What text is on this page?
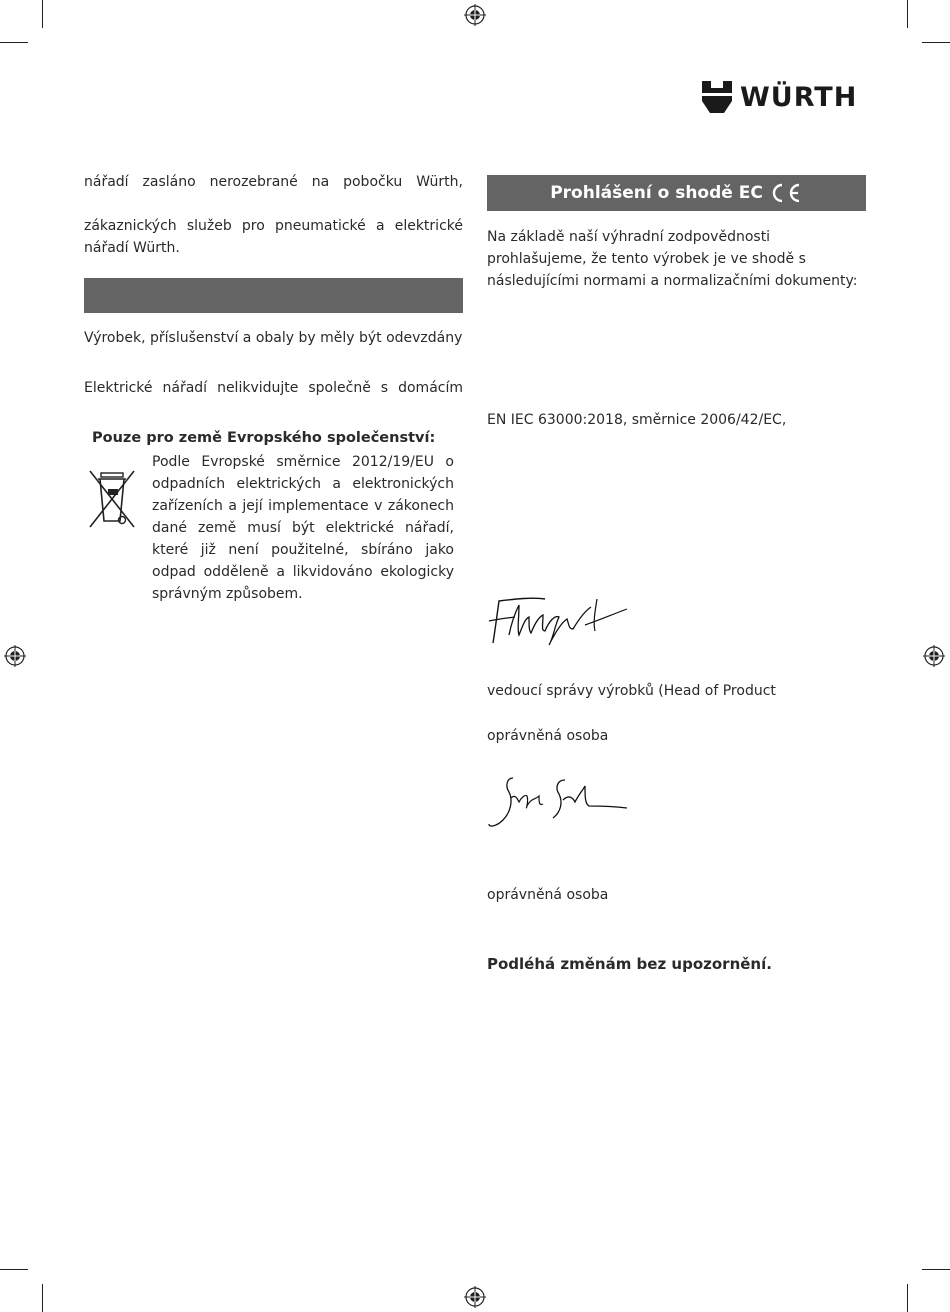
WÜRTH
nářadí zasláno nerozebrané na pobočku Würth,
zákaznických služeb pro pneumatické a elektrické
nářadí Würth.
Výrobek, příslušenství a obaly by měly být odevzdány
Elektrické nářadí nelikvidujte společně s domácím
Pouze pro země Evropského společenství:
Podle Evropské směrnice 2012/19/EU o
odpadních elektrických a elektronických
zařízeních a její implementace v zákonech
dané země musí být elektrické nářadí,
které již není použitelné, sbíráno jako
odpad odděleně a likvidováno ekologicky
správným způsobem.
Prohlášení o shodě EC
Na základě naší výhradní zodpovědnosti
prohlašujeme, že tento výrobek je ve shodě s
následujícími normami a normalizačními dokumenty:
EN IEC 63000:2018, směrnice 2006/42/EC,
vedoucí správy výrobků (Head of Product
oprávněná osoba
oprávněná osoba
Podléhá změnám bez upozornění.
